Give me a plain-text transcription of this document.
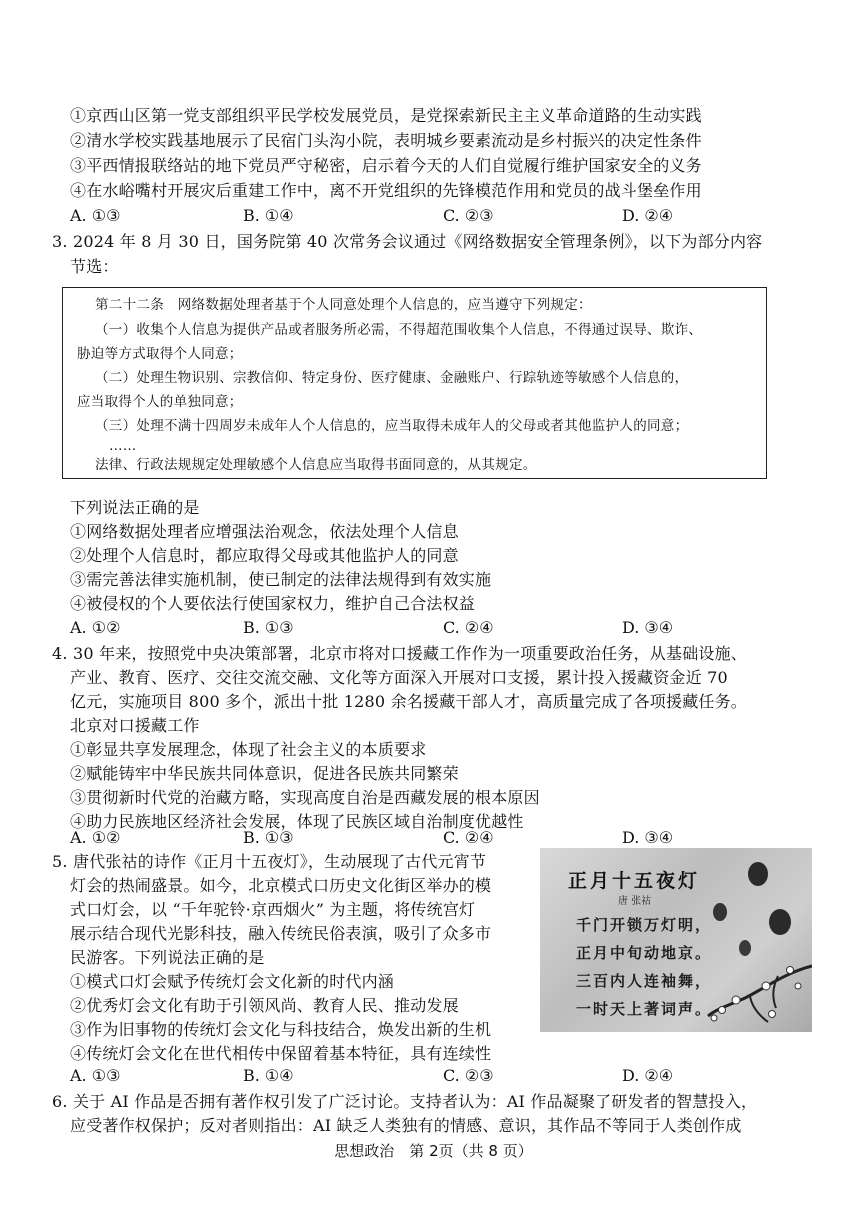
①京西山区第一党支部组织平民学校发展党员，是党探索新民主主义革命道路的生动实践
②清水学校实践基地展示了民宿门头沟小院，表明城乡要素流动是乡村振兴的决定性条件
③平西情报联络站的地下党员严守秘密，启示着今天的人们自觉履行维护国家安全的义务
④在水峪嘴村开展灾后重建工作中，离不开党组织的先锋模范作用和党员的战斗堡垒作用
A. ①③	B. ①④	C. ②③	D. ②④
3. 2024 年 8 月 30 日，国务院第 40 次常务会议通过《网络数据安全管理条例》，以下为部分内容
节选：
第二十二条　网络数据处理者基于个人同意处理个人信息的，应当遵守下列规定：
（一）收集个人信息为提供产品或者服务所必需，不得超范围收集个人信息，不得通过误导、欺诈、
胁迫等方式取得个人同意；
（二）处理生物识别、宗教信仰、特定身份、医疗健康、金融账户、行踪轨迹等敏感个人信息的，
应当取得个人的单独同意；
（三）处理不满十四周岁未成年人个人信息的，应当取得未成年人的父母或者其他监护人的同意；
……
法律、行政法规规定处理敏感个人信息应当取得书面同意的，从其规定。
下列说法正确的是
①网络数据处理者应增强法治观念，依法处理个人信息
②处理个人信息时，都应取得父母或其他监护人的同意
③需完善法律实施机制，使已制定的法律法规得到有效实施
④被侵权的个人要依法行使国家权力，维护自己合法权益
A. ①②	B. ①③	C. ②④	D. ③④
4. 30 年来，按照党中央决策部署，北京市将对口援藏工作作为一项重要政治任务，从基础设施、
产业、教育、医疗、交往交流交融、文化等方面深入开展对口支援，累计投入援藏资金近 70
亿元，实施项目 800 多个，派出十批 1280 余名援藏干部人才，高质量完成了各项援藏任务。
北京对口援藏工作
①彰显共享发展理念，体现了社会主义的本质要求
②赋能铸牢中华民族共同体意识，促进各民族共同繁荣
③贯彻新时代党的治藏方略，实现高度自治是西藏发展的根本原因
④助力民族地区经济社会发展，体现了民族区域自治制度优越性
A. ①②	B. ①③	C. ②④	D. ③④
5. 唐代张祜的诗作《正月十五夜灯》，生动展现了古代元宵节
灯会的热闹盛景。如今，北京模式口历史文化街区举办的模
式口灯会，以 “千年驼铃·京西烟火” 为主题，将传统宫灯
展示结合现代光影科技，融入传统民俗表演，吸引了众多市
民游客。下列说法正确的是
①模式口灯会赋予传统灯会文化新的时代内涵
②优秀灯会文化有助于引领风尚、教育人民、推动发展
③作为旧事物的传统灯会文化与科技结合，焕发出新的生机
④传统灯会文化在世代相传中保留着基本特征，具有连续性
A. ①③	B. ①④	C. ②③	D. ②④
正月十五夜灯
唐 张祜
千门开锁万灯明，
正月中旬动地京。
三百内人连袖舞，
一时天上著词声。
6. 关于 AI 作品是否拥有著作权引发了广泛讨论。支持者认为：AI 作品凝聚了研发者的智慧投入，
应受著作权保护；反对者则指出：AI 缺乏人类独有的情感、意识，其作品不等同于人类创作成
思想政治　第 2页（共 8 页）
